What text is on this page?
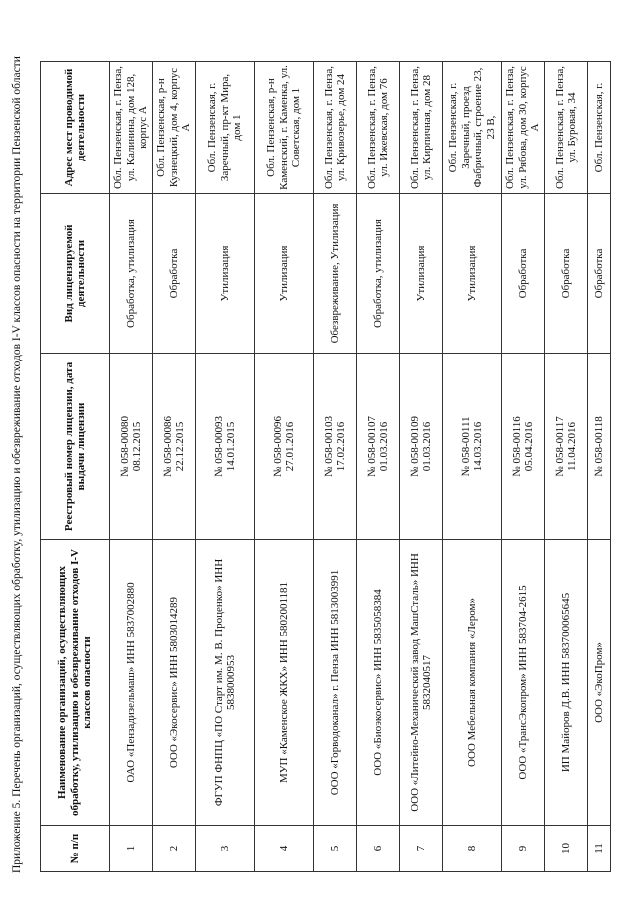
Приложение 5. Перечень организаций, осуществляющих обработку, утилизацию и обезвреживание отходов I-V классов опасности на территории Пензенской области	№ п/п	Наименование организаций, осуществляющих обработку, утилизацию и обезвреживание отходов I-V классов опасности	Реестровый номер лицензии, дата выдачи лицензии	Вид лицензируемой деятельности	Адрес мест проводимой деятельности
1	ОАО «Пензадизельмаш» ИНН 5837002880	№ 058-00080 08.12.2015	Обработка, утилизация	Обл. Пензенская, г. Пенза, ул. Калинина, дом 128, корпус А
2	ООО «Экосервис» ИНН 5803014289	№ 058-00086 22.12.2015	Обработка	Обл. Пензенская, р-н Кузнецкий, дом 4, корпус А
3	ФГУП ФНПЦ «ПО Старт им. М. В. Проценко» ИНН 5838000953	№ 058-00093 14.01.2015	Утилизация	Обл. Пензенская, г. Заречный, пр-кт Мира, дом 1
4	МУП «Каменское ЖКХ» ИНН 5802001181	№ 058-00096 27.01.2016	Утилизация	Обл. Пензенская, р-н Каменский, г. Каменка, ул. Советская, дом 1
5	ООО «Горводоканал» г. Пенза ИНН 5813003991	№ 058-00103 17.02.2016	Обезвреживание, Утилизация	Обл. Пензенская, г. Пенза, ул. Кривозерье, дом 24
6	ООО «Биоэкосервис» ИНН 5835058384	№ 058-00107 01.03.2016	Обработка, утилизация	Обл. Пензенская, г. Пенза, ул. Ижевская, дом 76
7	ООО «Литейно-Механический завод МашСталь» ИНН 5832040517	№ 058-00109 01.03.2016	Утилизация	Обл. Пензенская, г. Пенза, ул. Кирпичная, дом 28
8	ООО Мебельная компания «Лером»	№ 058-00111 14.03.2016	Утилизация	Обл. Пензенская, г. Заречный, проезд Фабричный, строение 23, 23 В,
9	ООО «ТрансЭкопром» ИНН 583704-2615	№ 058-00116 05.04.2016	Обработка	Обл. Пензенская, г. Пенза, ул. Рябова, дом 30, корпус А
10	ИП Майоров Д.В. ИНН 583700065645	№ 058-00117 11.04.2016	Обработка	Обл. Пензенская, г. Пенза, ул. Буровая, 34
11	ООО «ЭкоПром»	№ 058-00118	Обработка	Обл. Пензенская, г.
